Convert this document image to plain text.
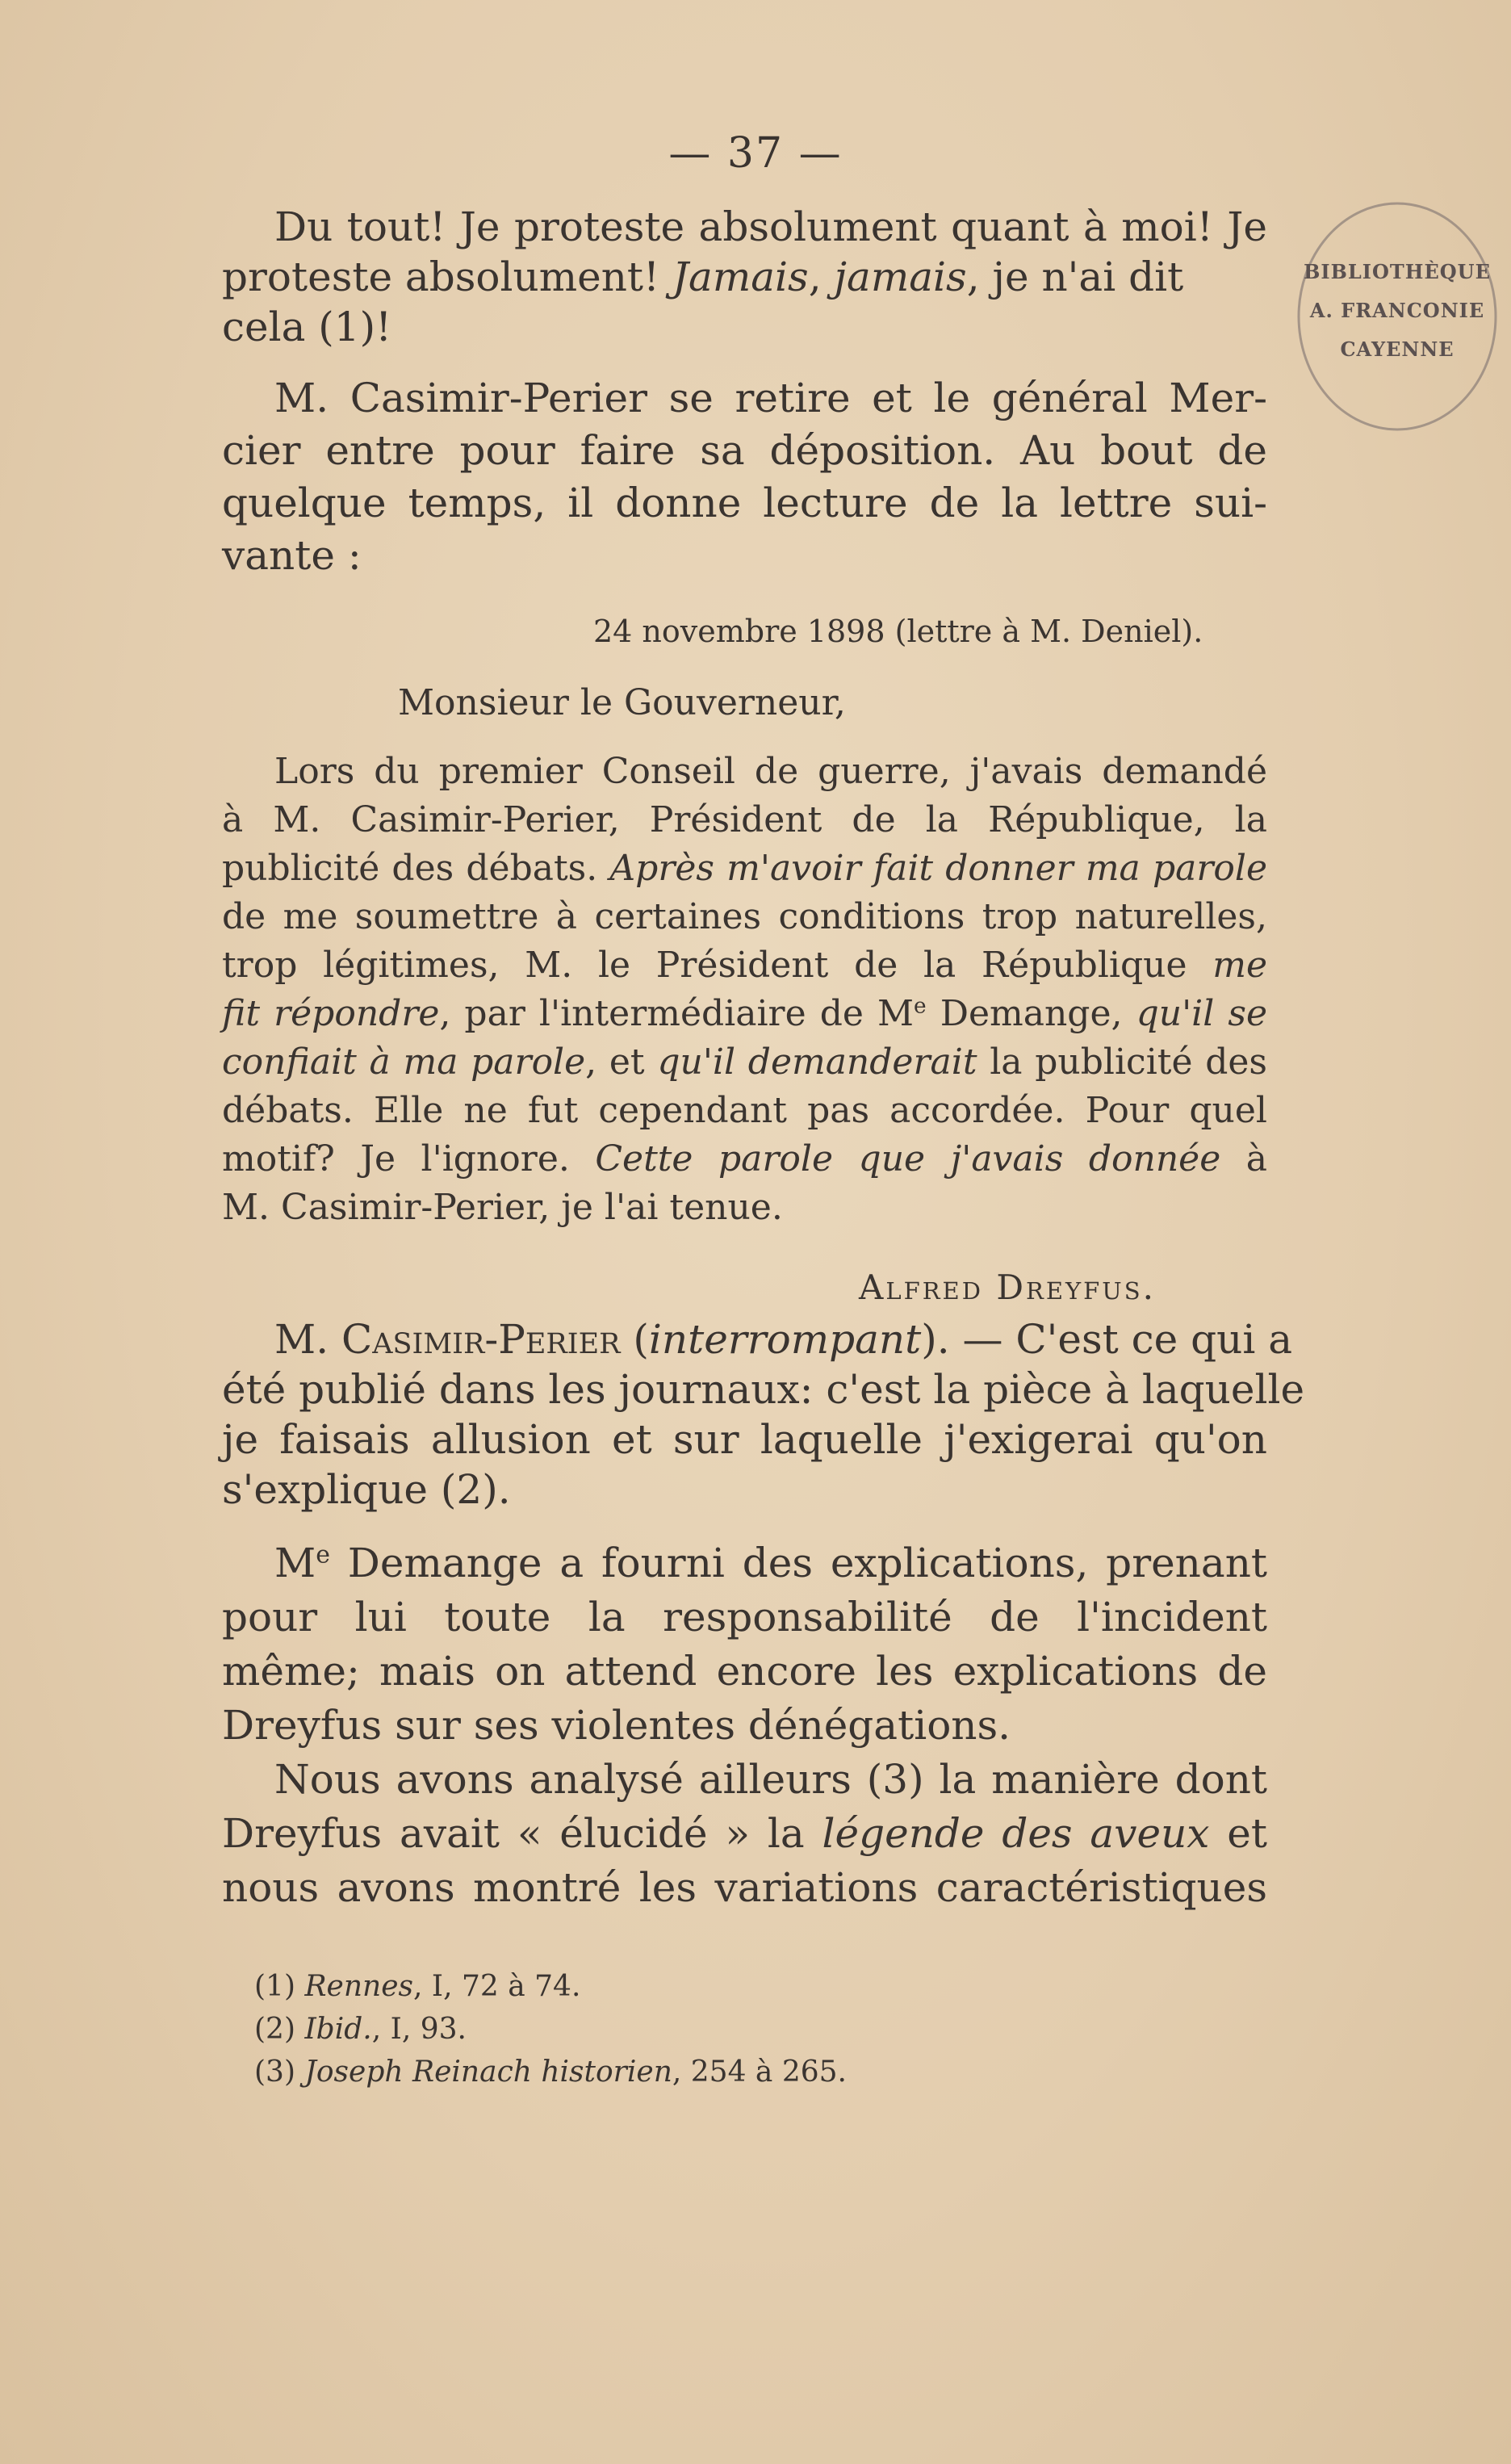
— 37 —
BIBLIOTHÈQUE
A. FRANCONIE
CAYENNE
Du tout! Je proteste absolument quant à moi! Je
proteste absolument! Jamais, jamais, je n'ai dit
cela (1)!
M. Casimir-Perier se retire et le général Mer-
cier entre pour faire sa déposition. Au bout de
quelque temps, il donne lecture de la lettre sui-
vante :
24 novembre 1898 (lettre à M. Deniel).
Monsieur le Gouverneur,
Lors du premier Conseil de guerre, j'avais demandé
à M. Casimir-Perier, Président de la République, la
publicité des débats. Après m'avoir fait donner ma parole
de me soumettre à certaines conditions trop naturelles,
trop légitimes, M. le Président de la République me
fit répondre, par l'intermédiaire de Me Demange, qu'il se
confiait à ma parole, et qu'il demanderait la publicité des
débats. Elle ne fut cependant pas accordée. Pour quel
motif? Je l'ignore. Cette parole que j'avais donnée à
M. Casimir-Perier, je l'ai tenue.
Alfred Dreyfus.
M. Casimir-Perier (interrompant). — C'est ce qui a
été publié dans les journaux: c'est la pièce à laquelle
je faisais allusion et sur laquelle j'exigerai qu'on
s'explique (2).
Me Demange a fourni des explications, prenant
pour lui toute la responsabilité de l'incident
même; mais on attend encore les explications de
Dreyfus sur ses violentes dénégations.
Nous avons analysé ailleurs (3) la manière dont
Dreyfus avait « élucidé » la légende des aveux et
nous avons montré les variations caractéristiques
(1) Rennes, I, 72 à 74.
(2) Ibid., I, 93.
(3) Joseph Reinach historien, 254 à 265.
